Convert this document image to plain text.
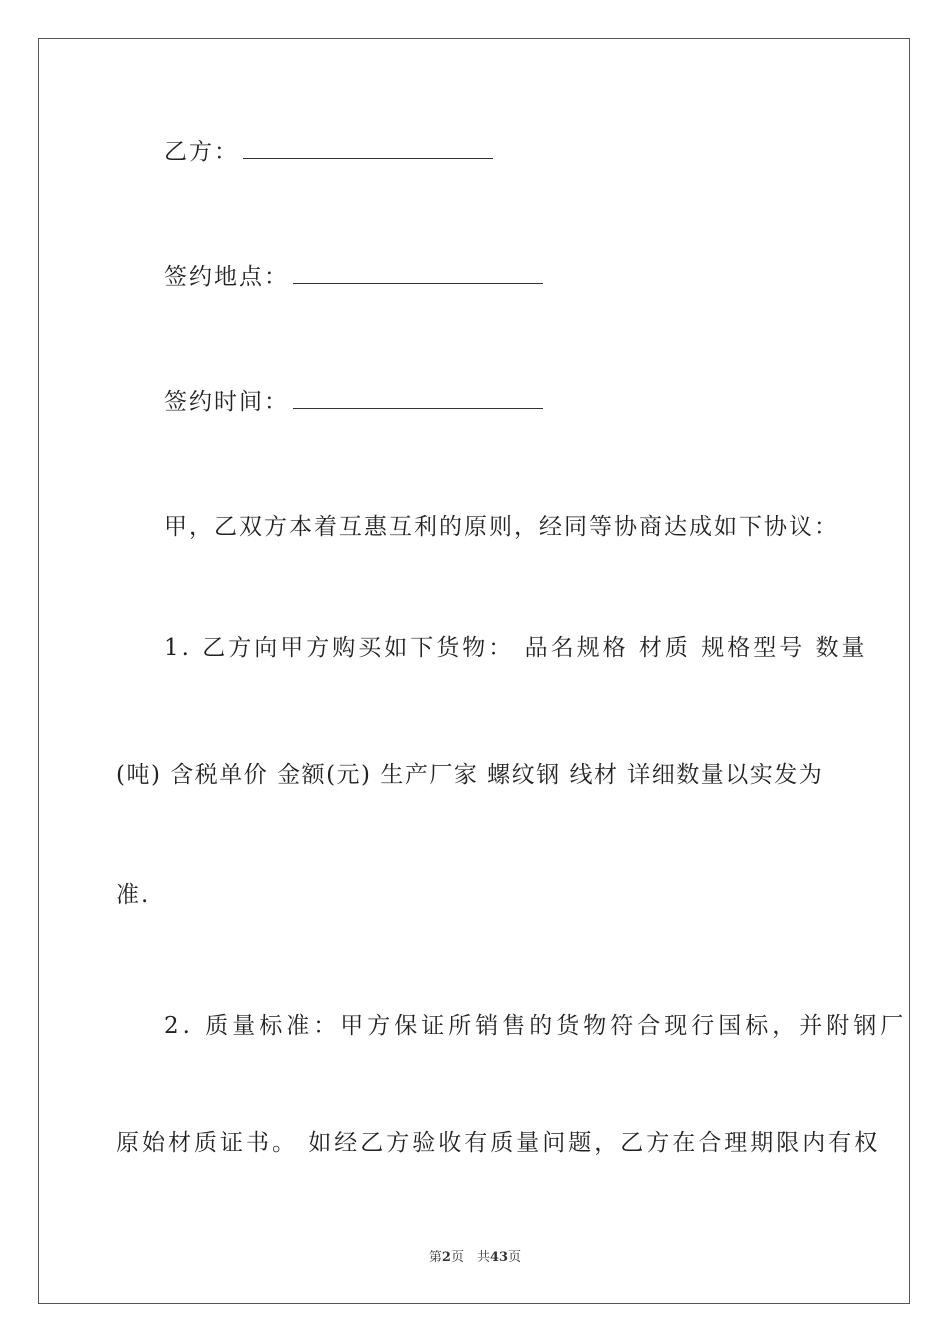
乙方：
签约地点：
签约时间：
甲，乙双方本着互惠互利的原则，经同等协商达成如下协议：
1. 乙方向甲方购买如下货物： 品名规格 材质 规格型号 数量
(吨) 含税单价 金额(元) 生产厂家 螺纹钢 线材 详细数量以实发为
准.
2. 质量标准：甲方保证所销售的货物符合现行国标，并附钢厂
原始材质证书。 如经乙方验收有质量问题，乙方在合理期限内有权
第2页　共43页
